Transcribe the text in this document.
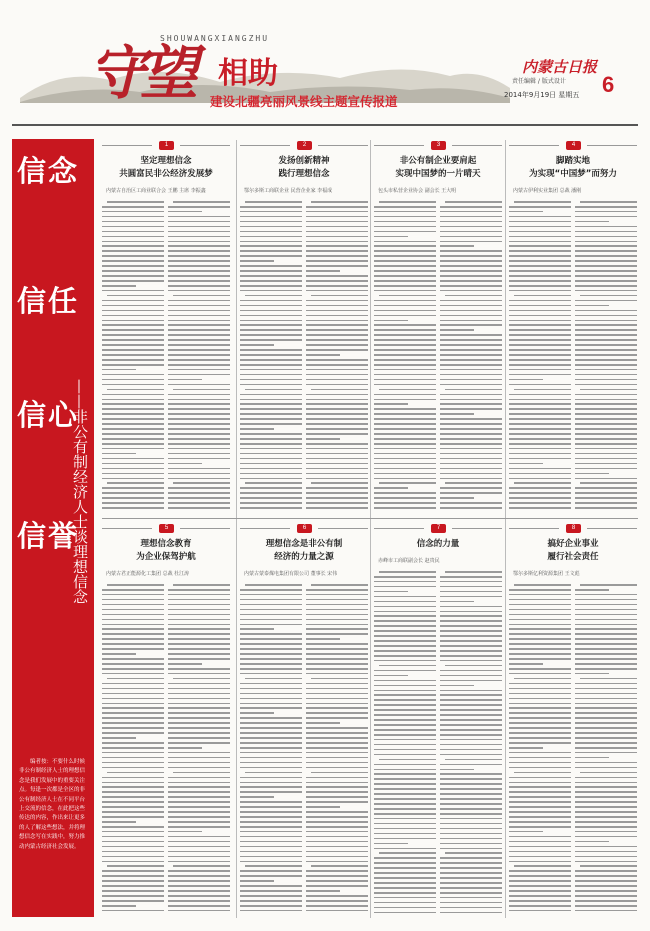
SHOUWANGXIANGZHU
守望 相助
建设北疆亮丽风景线主题宣传报道
内蒙古日报
责任编辑 / 版式设计
2014年9月19日 星期五 6
信念
信任
信心
信誉
——非公有制经济人士谈理想信念
编者按：不要什么时候非公有制经济人士的理想信念是我们发展中的重要关注点。每逢一次都是全区的非公有制经济人士在不同平台上交流的信念，在此把这些传达的内容，作出来让更多的人了解这些想法，并将理想信念写在实践中，努力推动内蒙古经济社会发展。
1
坚定理想信念
共圆富民非公经济发展梦
内蒙古自治区工商业联合会 王鹏 主席 李振鑫
2
发扬创新精神
践行理想信念
鄂尔多斯工商联企业 民营企业家 李福成
3
非公有制企业要肩起
实现中国梦的一片晴天
包头市私营企业协会 副会长 王大明
4
脚踏实地
为实现“中国梦”而努力
内蒙古伊利实业集团 总裁 潘刚
5
理想信念教育
为企业保驾护航
内蒙古君正能源化工集团 总裁 杜江涛
6
理想信念是非公有制
经济的力量之源
内蒙古蒙泰煤电集团有限公司 董事长 宋伟
7
信念的力量
赤峰市工商联副会长 赵贵民
8
搞好企业事业
履行社会责任
鄂尔多斯亿利资源集团 王文彪
